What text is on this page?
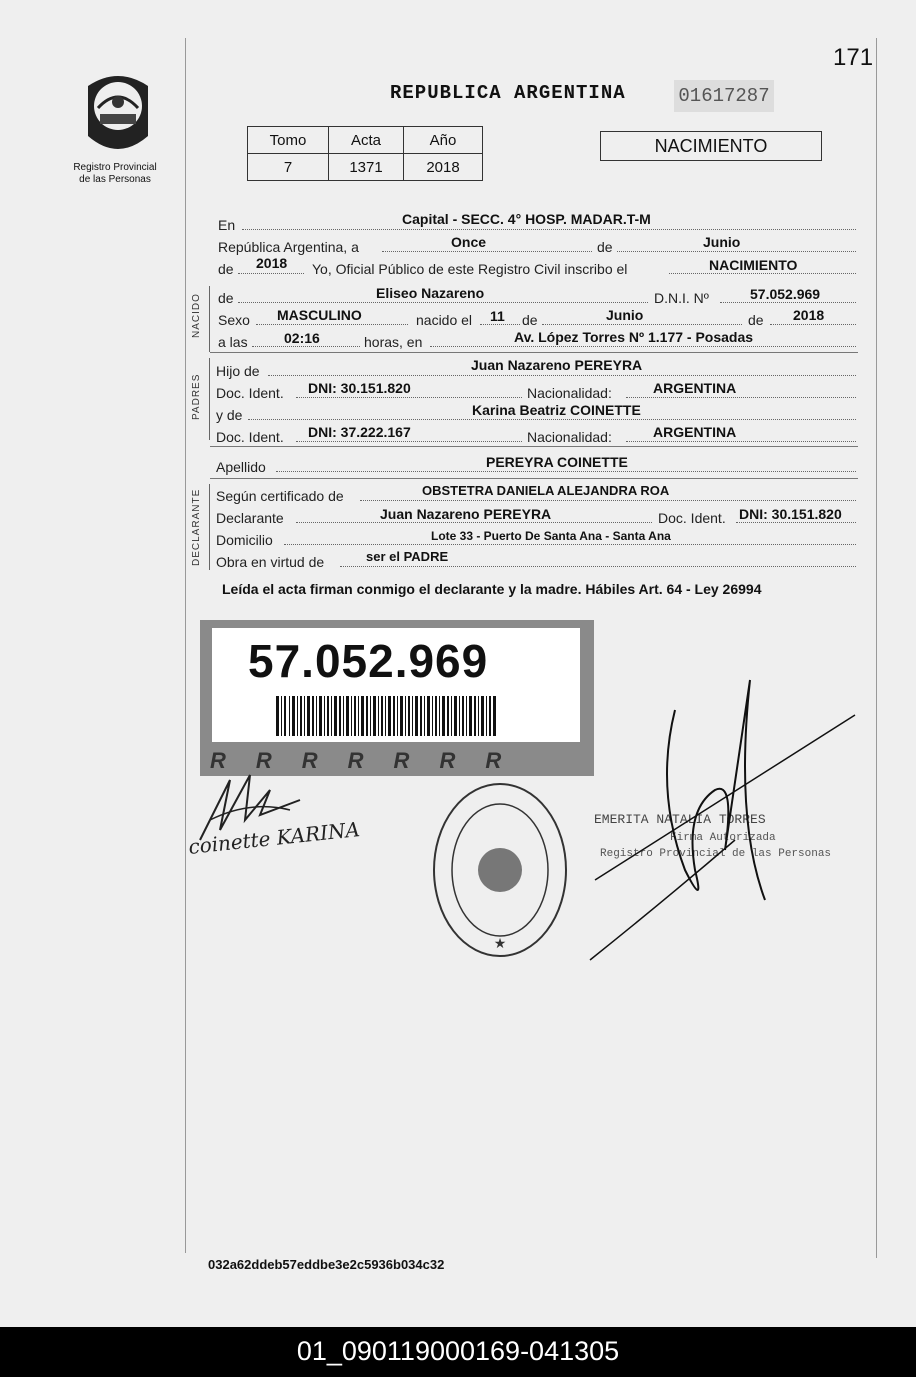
171
Registro Provincial
de las Personas
REPUBLICA ARGENTINA	01617287
Tomo	Acta	Año
7	1371	2018
NACIMIENTO
En	Capital - SECC. 4° HOSP. MADAR.T-M
República Argentina, a	Once	de	Junio
de 2018 Yo, Oficial Público de este Registro Civil inscribo el	NACIMIENTO
NACIDO de	Eliseo Nazareno	D.N.I. Nº	57.052.969
Sexo MASCULINO	nacido el 11 de	Junio	de 2018
a las	02:16	horas, en	Av. López Torres Nº 1.177 - Posadas
PADRES
Hijo de	Juan Nazareno PEREYRA
Doc. Ident. DNI: 30.151.820	Nacionalidad:	ARGENTINA
y de	Karina Beatriz COINETTE
Doc. Ident. DNI: 37.222.167	Nacionalidad:	ARGENTINA
Apellido	PEREYRA COINETTE
DECLARANTE Según certificado de	OBSTETRA DANIELA ALEJANDRA ROA
Declarante	Juan Nazareno PEREYRA	Doc. Ident. DNI: 30.151.820
Domicilio	Lote 33 - Puerto De Santa Ana - Santa Ana
Obra en virtud de	ser el PADRE
Leída el acta firman conmigo el declarante y la madre. Hábiles Art. 64 - Ley 26994
57.052.969
RRRRRRR
coinette KARINA
★
EMERITA NATALIA TORRES
Firma Autorizada
Registro Provincial de las Personas
032a62ddeb57eddbe3e2c5936b034c32
01_090119000169-041305
